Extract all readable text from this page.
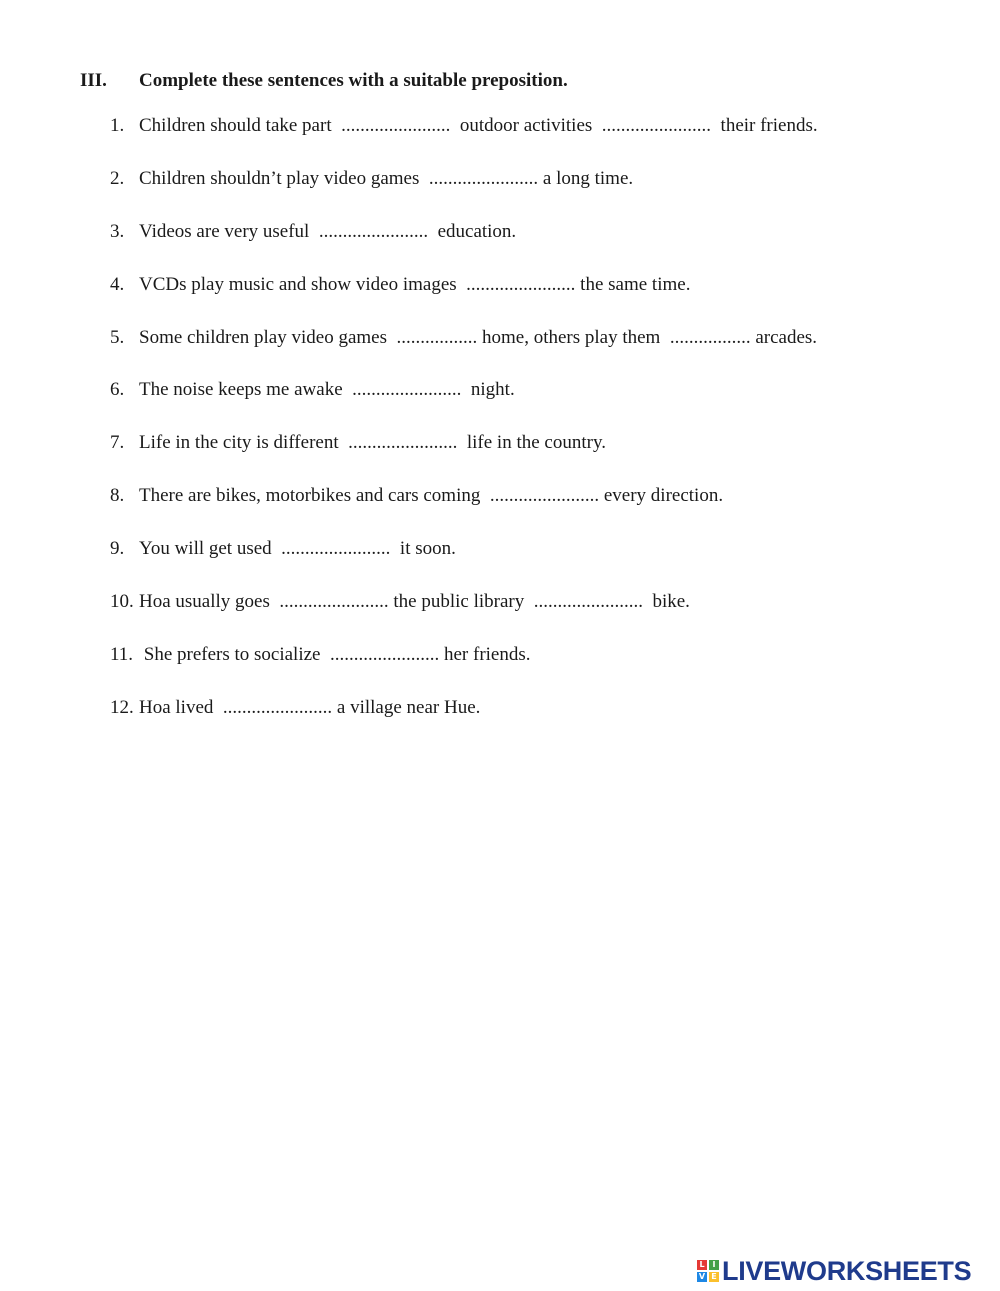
III. Complete these sentences with a suitable preposition.
1. Children should take part  .......................  outdoor activities  .......................  their friends.
2. Children shouldn’t play video games  ....................... a long time.
3. Videos are very useful  .......................  education.
4. VCDs play music and show video images  ....................... the same time.
5. Some children play video games  ................. home, others play them  ................. arcades.
6. The noise keeps me awake  .......................  night.
7. Life in the city is different  .......................  life in the country.
8. There are bikes, motorbikes and cars coming  ....................... every direction.
9. You will get used  .......................  it soon.
10. Hoa usually goes  ....................... the public library  .......................  bike.
11. She prefers to socialize  ....................... her friends.
12. Hoa lived  ....................... a village near Hue.
L I
V E LIVEWORKSHEETS
